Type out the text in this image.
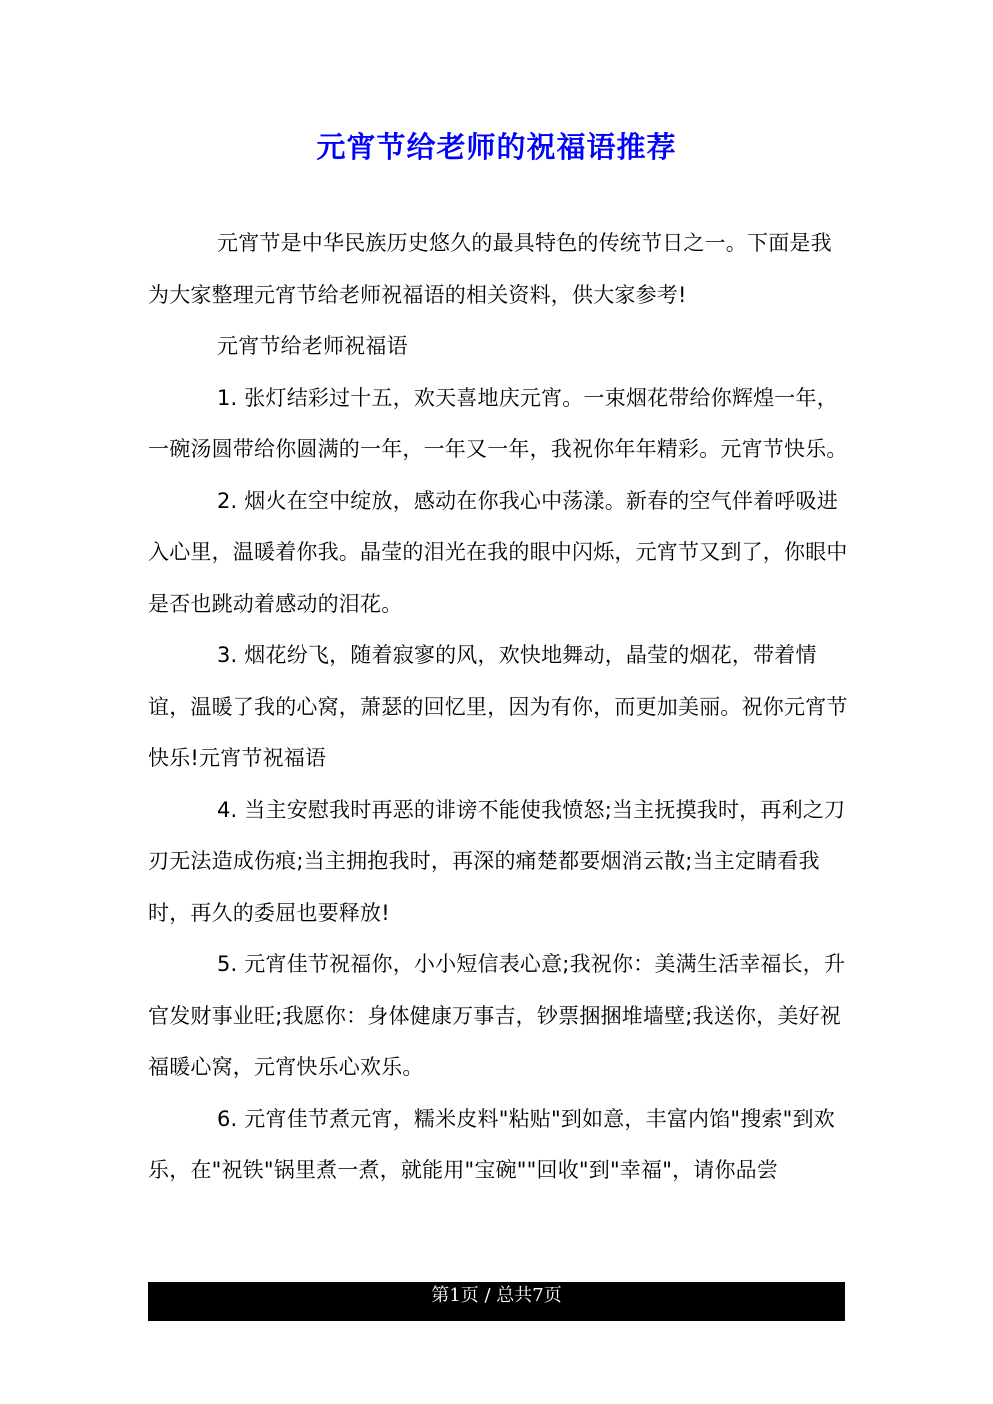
元宵节给老师的祝福语推荐

元宵节是中华民族历史悠久的最具特色的传统节日之一。下面是我为大家整理元宵节给老师祝福语的相关资料，供大家参考!

元宵节给老师祝福语

1. 张灯结彩过十五，欢天喜地庆元宵。一束烟花带给你辉煌一年，一碗汤圆带给你圆满的一年，一年又一年，我祝你年年精彩。元宵节快乐。

2. 烟火在空中绽放，感动在你我心中荡漾。新春的空气伴着呼吸进入心里，温暖着你我。晶莹的泪光在我的眼中闪烁，元宵节又到了，你眼中是否也跳动着感动的泪花。

3. 烟花纷飞，随着寂寥的风，欢快地舞动，晶莹的烟花，带着情谊，温暖了我的心窝，萧瑟的回忆里，因为有你，而更加美丽。祝你元宵节快乐!元宵节祝福语

4. 当主安慰我时再恶的诽谤不能使我愤怒;当主抚摸我时，再利之刀刃无法造成伤痕;当主拥抱我时，再深的痛楚都要烟消云散;当主定睛看我时，再久的委屈也要释放!

5. 元宵佳节祝福你，小小短信表心意;我祝你：美满生活幸福长，升官发财事业旺;我愿你：身体健康万事吉，钞票捆捆堆墙壁;我送你，美好祝福暖心窝，元宵快乐心欢乐。

6. 元宵佳节煮元宵，糯米皮料"粘贴"到如意，丰富内馅"搜索"到欢乐，在"祝铁"锅里煮一煮，就能用"宝碗""回收"到"幸福"，请你品尝

第1页 / 总共7页
